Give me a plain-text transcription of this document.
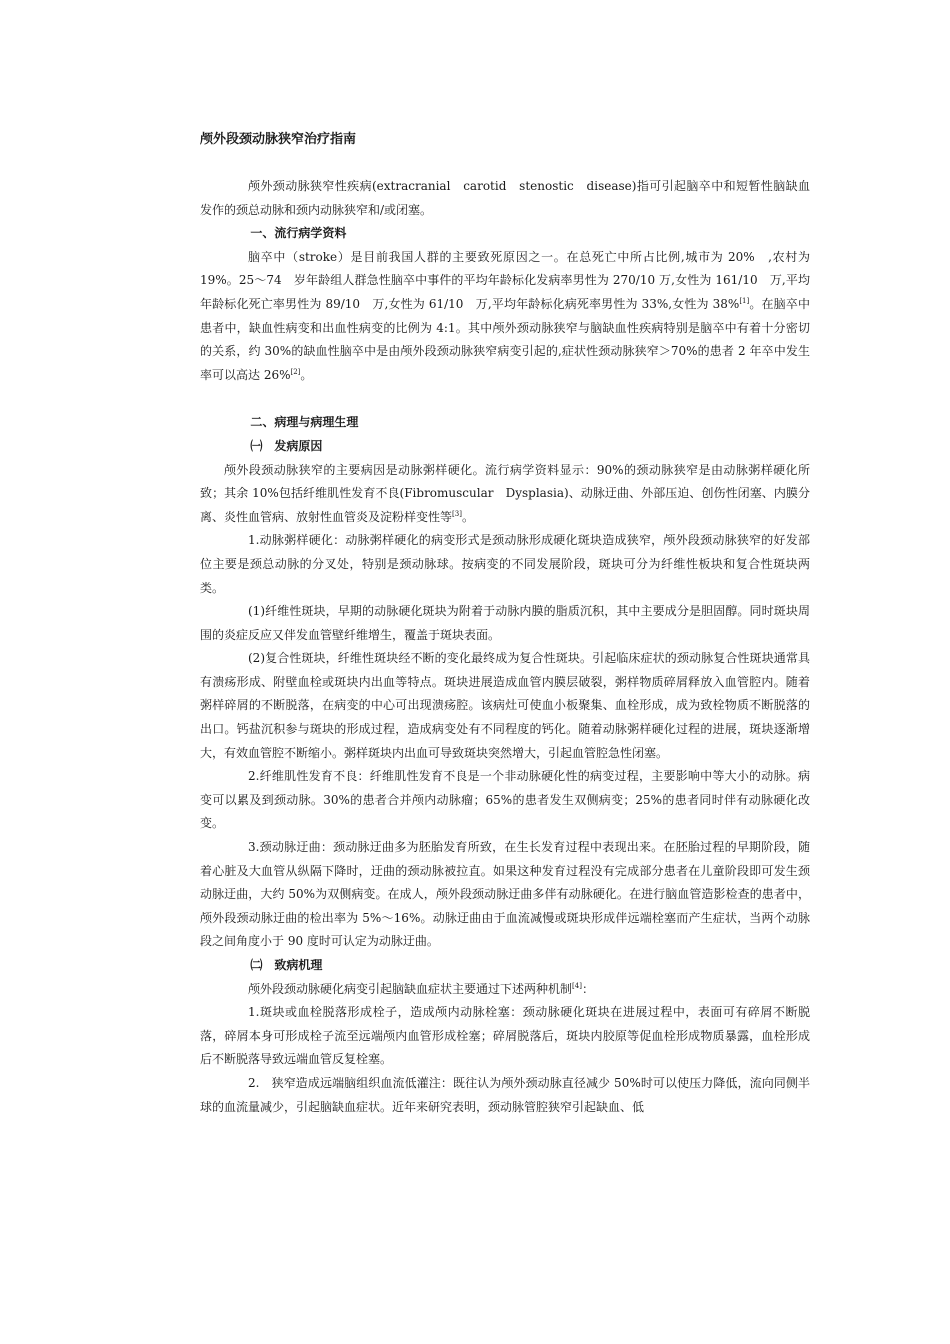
颅外段颈动脉狭窄治疗指南

颅外颈动脉狭窄性疾病(extracranial　carotid　stenostic　disease)指可引起脑卒中和短暂性脑缺血发作的颈总动脉和颈内动脉狭窄和/或闭塞。

一、流行病学资料

脑卒中（stroke）是目前我国人群的主要致死原因之一。在总死亡中所占比例,城市为 20%　,农村为 19%。25～74　岁年龄组人群急性脑卒中事件的平均年龄标化发病率男性为 270/10 万,女性为 161/10　万,平均年龄标化死亡率男性为 89/10　万,女性为 61/10　万,平均年龄标化病死率男性为 33%,女性为 38%[1]。在脑卒中患者中，缺血性病变和出血性病变的比例为 4:1。其中颅外颈动脉狭窄与脑缺血性疾病特别是脑卒中有着十分密切的关系，约 30%的缺血性脑卒中是由颅外段颈动脉狭窄病变引起的,症状性颈动脉狭窄＞70%的患者 2 年卒中发生率可以高达 26%[2]。

二、病理与病理生理

㈠　发病原因

颅外段颈动脉狭窄的主要病因是动脉粥样硬化。流行病学资料显示：90%的颈动脉狭窄是由动脉粥样硬化所致；其余 10%包括纤维肌性发育不良(Fibromuscular　Dysplasia)、动脉迂曲、外部压迫、创伤性闭塞、内膜分离、炎性血管病、放射性血管炎及淀粉样变性等[3]。

1.动脉粥样硬化：动脉粥样硬化的病变形式是颈动脉形成硬化斑块造成狭窄，颅外段颈动脉狭窄的好发部位主要是颈总动脉的分叉处，特别是颈动脉球。按病变的不同发展阶段，斑块可分为纤维性板块和复合性斑块两类。

(1)纤维性斑块，早期的动脉硬化斑块为附着于动脉内膜的脂质沉积，其中主要成分是胆固醇。同时斑块周围的炎症反应又伴发血管壁纤维增生，覆盖于斑块表面。

(2)复合性斑块，纤维性斑块经不断的变化最终成为复合性斑块。引起临床症状的颈动脉复合性斑块通常具有溃疡形成、附壁血栓或斑块内出血等特点。斑块进展造成血管内膜层破裂，粥样物质碎屑释放入血管腔内。随着粥样碎屑的不断脱落，在病变的中心可出现溃疡腔。该病灶可使血小板聚集、血栓形成，成为致栓物质不断脱落的出口。钙盐沉积参与斑块的形成过程，造成病变处有不同程度的钙化。随着动脉粥样硬化过程的进展，斑块逐渐增大，有效血管腔不断缩小。粥样斑块内出血可导致斑块突然增大，引起血管腔急性闭塞。

2.纤维肌性发育不良：纤维肌性发育不良是一个非动脉硬化性的病变过程，主要影响中等大小的动脉。病变可以累及到颈动脉。30%的患者合并颅内动脉瘤；65%的患者发生双侧病变；25%的患者同时伴有动脉硬化改变。

3.颈动脉迂曲：颈动脉迂曲多为胚胎发育所致，在生长发育过程中表现出来。在胚胎过程的早期阶段，随着心脏及大血管从纵隔下降时，迂曲的颈动脉被拉直。如果这种发育过程没有完成部分患者在儿童阶段即可发生颈动脉迂曲，大约 50%为双侧病变。在成人，颅外段颈动脉迂曲多伴有动脉硬化。在进行脑血管造影检查的患者中，颅外段颈动脉迂曲的检出率为 5%～16%。动脉迂曲由于血流减慢或斑块形成伴远端栓塞而产生症状，当两个动脉段之间角度小于 90 度时可认定为动脉迂曲。

㈡　致病机理

颅外段颈动脉硬化病变引起脑缺血症状主要通过下述两种机制[4]：

1.斑块或血栓脱落形成栓子，造成颅内动脉栓塞：颈动脉硬化斑块在进展过程中，表面可有碎屑不断脱落，碎屑本身可形成栓子流至远端颅内血管形成栓塞；碎屑脱落后，斑块内胶原等促血栓形成物质暴露，血栓形成后不断脱落导致远端血管反复栓塞。

2.　狭窄造成远端脑组织血流低灌注：既往认为颅外颈动脉直径减少 50%时可以使压力降低，流向同侧半球的血流量减少，引起脑缺血症状。近年来研究表明，颈动脉管腔狭窄引起缺血、低
